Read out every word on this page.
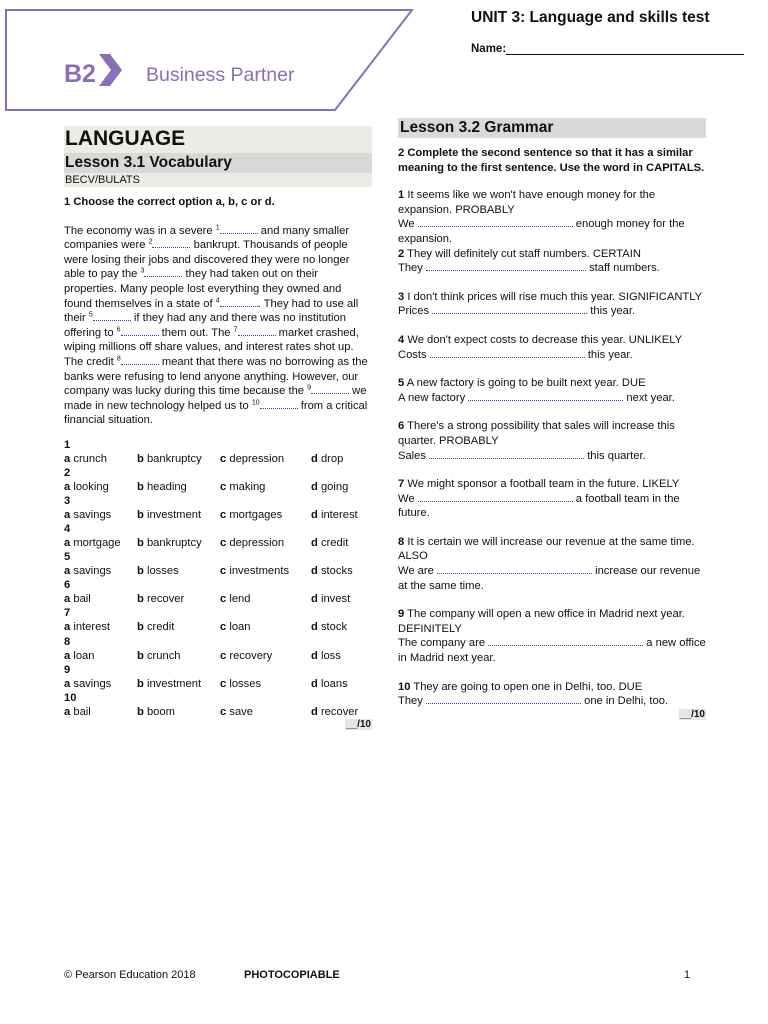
B2	Business Partner
UNIT 3: Language and skills test
Name:
LANGUAGE
Lesson 3.1 Vocabulary
BECV/BULATS
1 Choose the correct option a, b, c or d.
The economy was in a severe $^1$	and many smaller companies were $^2$	bankrupt. Thousands of people were losing their jobs and discovered they were no longer able to pay the $^3$	they had taken out on their properties. Many people lost everything they owned and found themselves in a state of $^4$	. They had to use all their $^5$	if they had any and there was no institution offering to $^6$	them out. The $^7$	market crashed, wiping millions off share values, and interest rates shot up. The credit $^8$	meant that there was no borrowing as the banks were refusing to lend anyone anything. However, our company was lucky during this time because the $^9$	we made in new technology helped us to $^{10}$	from a critical financial situation.
1
a crunch	b bankruptcy	c depression	d drop
2
a looking	b heading	c making	d going
3
a savings	b investment	c mortgages	d interest
4
a mortgage	b bankruptcy	c depression	d credit
5
a savings	b losses	c investments	d stocks
6
a bail	b recover	c lend	d invest
7
a interest	b credit	c loan	d stock
8
a loan	b crunch	c recovery	d loss
9
a savings	b investment	c losses	d loans
10
a bail	b boom	c save	d recover
__/10
Lesson 3.2 Grammar
2 Complete the second sentence so that it has a similar meaning to the first sentence. Use the word in CAPITALS.
1 It seems like we won't have enough money for the expansion. PROBABLY
We	enough money for the expansion.
2 They will definitely cut staff numbers. CERTAIN
They	staff numbers.
3 I don't think prices will rise much this year. SIGNIFICANTLY
Prices	this year.
4 We don't expect costs to decrease this year. UNLIKELY
Costs	this year.
5 A new factory is going to be built next year. DUE
A new factory	next year.
6 There's a strong possibility that sales will increase this quarter. PROBABLY
Sales	this quarter.
7 We might sponsor a football team in the future. LIKELY
We	a football team in the future.
8 It is certain we will increase our revenue at the same time. ALSO
We are	increase our revenue at the same time.
9 The company will open a new office in Madrid next year. DEFINITELY
The company are	a new office in Madrid next year.
10 They are going to open one in Delhi, too. DUE
They	one in Delhi, too.
__/10
© Pearson Education 2018	PHOTOCOPIABLE	1
